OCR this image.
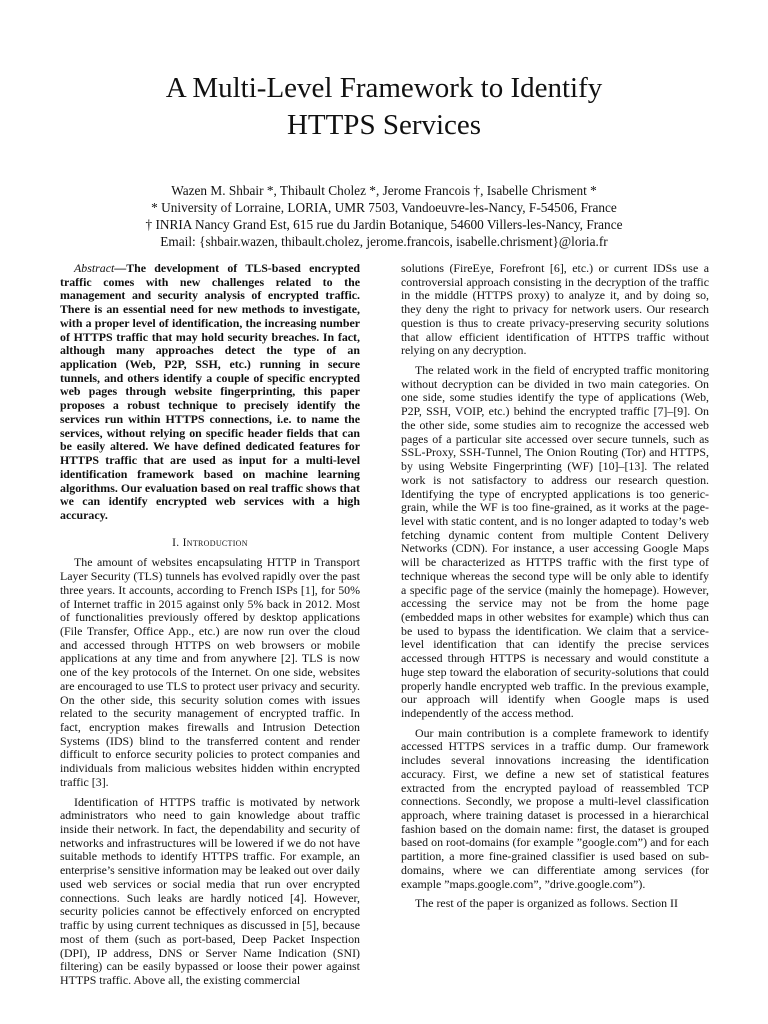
A Multi-Level Framework to Identify
HTTPS Services
Wazen M. Shbair *, Thibault Cholez *, Jerome Francois †, Isabelle Chrisment *
* University of Lorraine, LORIA, UMR 7503, Vandoeuvre-les-Nancy, F-54506, France
† INRIA Nancy Grand Est, 615 rue du Jardin Botanique, 54600 Villers-les-Nancy, France
Email: {shbair.wazen, thibault.cholez, jerome.francois, isabelle.chrisment}@loria.fr

Abstract—The development of TLS-based encrypted traffic comes with new challenges related to the management and security analysis of encrypted traffic. There is an essential need for new methods to investigate, with a proper level of identification, the increasing number of HTTPS traffic that may hold security breaches. In fact, although many approaches detect the type of an application (Web, P2P, SSH, etc.) running in secure tunnels, and others identify a couple of specific encrypted web pages through website fingerprinting, this paper proposes a robust technique to precisely identify the services run within HTTPS connections, i.e. to name the services, without relying on specific header fields that can be easily altered. We have defined dedicated features for HTTPS traffic that are used as input for a multi-level identification framework based on machine learning algorithms. Our evaluation based on real traffic shows that we can identify encrypted web services with a high accuracy.

I. Introduction

The amount of websites encapsulating HTTP in Transport Layer Security (TLS) tunnels has evolved rapidly over the past three years. It accounts, according to French ISPs [1], for 50% of Internet traffic in 2015 against only 5% back in 2012. Most of functionalities previously offered by desktop applications (File Transfer, Office App., etc.) are now run over the cloud and accessed through HTTPS on web browsers or mobile applications at any time and from anywhere [2]. TLS is now one of the key protocols of the Internet. On one side, websites are encouraged to use TLS to protect user privacy and security. On the other side, this security solution comes with issues related to the security management of encrypted traffic. In fact, encryption makes firewalls and Intrusion Detection Systems (IDS) blind to the transferred content and render difficult to enforce security policies to protect companies and individuals from malicious websites hidden within encrypted traffic [3].

Identification of HTTPS traffic is motivated by network administrators who need to gain knowledge about traffic inside their network. In fact, the dependability and security of networks and infrastructures will be lowered if we do not have suitable methods to identify HTTPS traffic. For example, an enterprise’s sensitive information may be leaked out over daily used web services or social media that run over encrypted connections. Such leaks are hardly noticed [4]. However, security policies cannot be effectively enforced on encrypted traffic by using current techniques as discussed in [5], because most of them (such as port-based, Deep Packet Inspection (DPI), IP address, DNS or Server Name Indication (SNI) filtering) can be easily bypassed or loose their power against HTTPS traffic. Above all, the existing commercial

solutions (FireEye, Forefront [6], etc.) or current IDSs use a controversial approach consisting in the decryption of the traffic in the middle (HTTPS proxy) to analyze it, and by doing so, they deny the right to privacy for network users. Our research question is thus to create privacy-preserving security solutions that allow efficient identification of HTTPS traffic without relying on any decryption.

The related work in the field of encrypted traffic monitoring without decryption can be divided in two main categories. On one side, some studies identify the type of applications (Web, P2P, SSH, VOIP, etc.) behind the encrypted traffic [7]–[9]. On the other side, some studies aim to recognize the accessed web pages of a particular site accessed over secure tunnels, such as SSL-Proxy, SSH-Tunnel, The Onion Routing (Tor) and HTTPS, by using Website Fingerprinting (WF) [10]–[13]. The related work is not satisfactory to address our research question. Identifying the type of encrypted applications is too generic-grain, while the WF is too fine-grained, as it works at the page-level with static content, and is no longer adapted to today’s web fetching dynamic content from multiple Content Delivery Networks (CDN). For instance, a user accessing Google Maps will be characterized as HTTPS traffic with the first type of technique whereas the second type will be only able to identify a specific page of the service (mainly the homepage). However, accessing the service may not be from the home page (embedded maps in other websites for example) which thus can be used to bypass the identification. We claim that a service-level identification that can identify the precise services accessed through HTTPS is necessary and would constitute a huge step toward the elaboration of security-solutions that could properly handle encrypted web traffic. In the previous example, our approach will identify when Google maps is used independently of the access method.

Our main contribution is a complete framework to identify accessed HTTPS services in a traffic dump. Our framework includes several innovations increasing the identification accuracy. First, we define a new set of statistical features extracted from the encrypted payload of reassembled TCP connections. Secondly, we propose a multi-level classification approach, where training dataset is processed in a hierarchical fashion based on the domain name: first, the dataset is grouped based on root-domains (for example ”google.com”) and for each partition, a more fine-grained classifier is used based on sub-domains, where we can differentiate among services (for example ”maps.google.com”, ”drive.google.com”).

The rest of the paper is organized as follows. Section II
